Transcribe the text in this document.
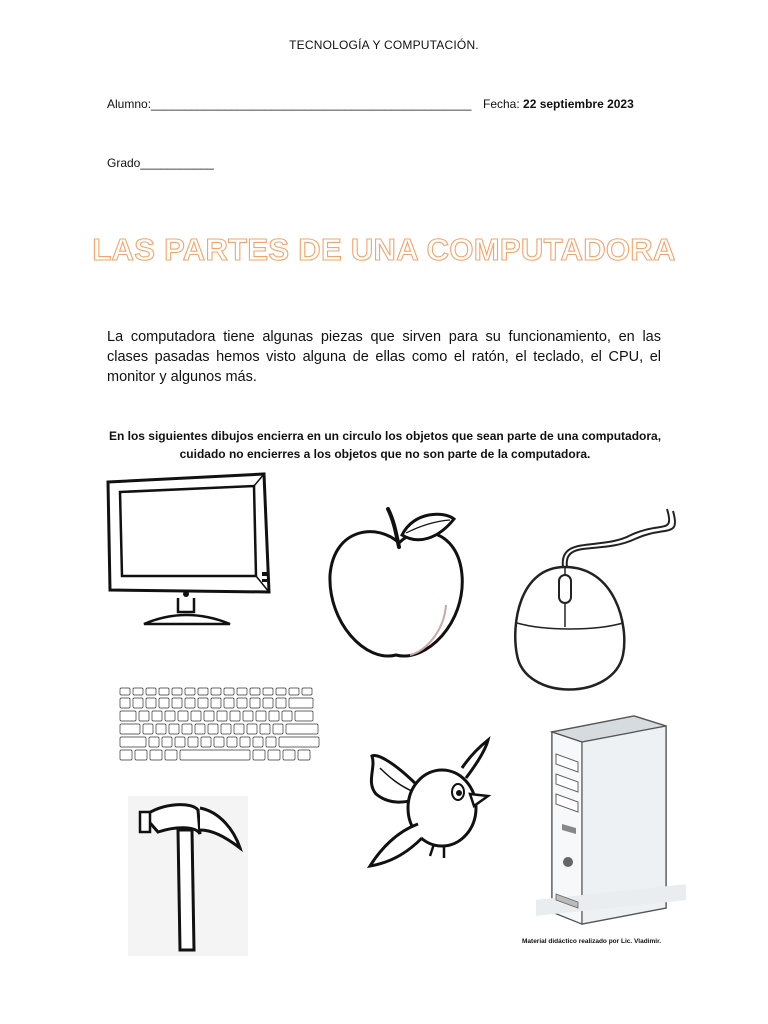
TECNOLOGÍA Y COMPUTACIÓN.
Alumno:________________________________________________ Fecha: 22 septiembre 2023
Grado___________
LAS PARTES DE UNA COMPUTADORA
La computadora tiene algunas piezas que sirven para su funcionamiento, en las clases pasadas hemos visto alguna de ellas como el ratón, el teclado, el CPU, el monitor y algunos más.
En los siguientes dibujos encierra en un circulo los objetos que sean parte de una computadora,
cuidado no encierres a los objetos que no son parte de la computadora.
Material didáctico realizado por Lic. Vladimir.
